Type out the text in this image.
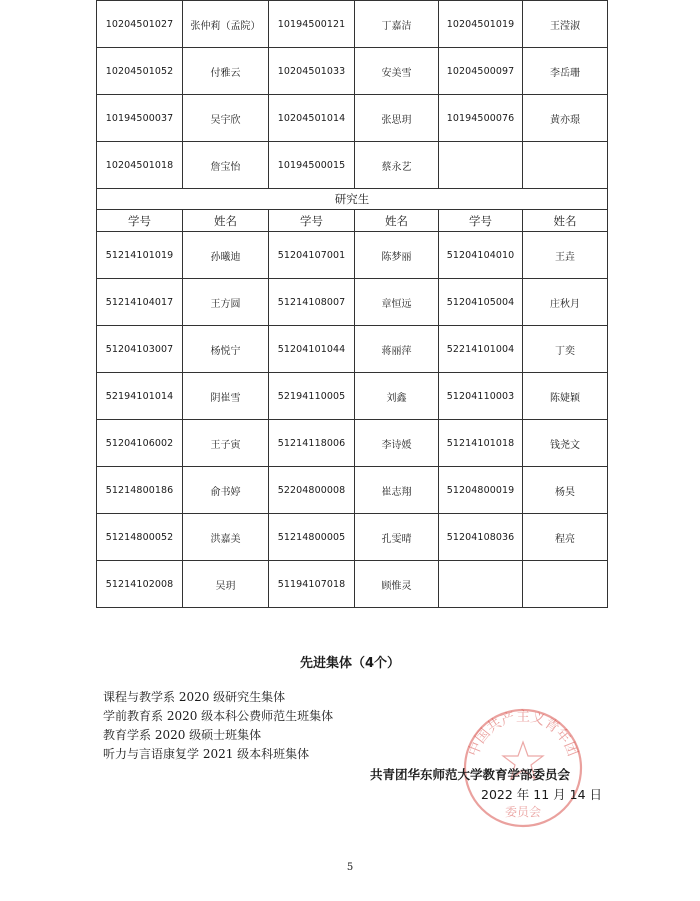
10204501027	张仲莉（孟院）	10194500121	丁嘉洁	10204501019	王滢淑
10204501052	付雅云	10204501033	安美雪	10204500097	李岳珊
10194500037	吴宇欣	10204501014	张思玥	10194500076	黄亦璟
10204501018	詹宝怡	10194500015	蔡永艺		
研究生					
学号	姓名	学号	姓名	学号	姓名
51214101019	孙曦迪	51204107001	陈梦丽	51204104010	王垚
51214104017	王方圆	51214108007	章恒远	51204105004	庄秋月
51204103007	杨悦宁	51204101044	蒋丽萍	52214101004	丁奕
52194101014	阴崔雪	52194110005	刘鑫	51204110003	陈婕颖
51204106002	王子寅	51214118006	李诗媛	51214101018	钱尧文
51214800186	俞书婷	52204800008	崔志翔	51204800019	杨昊
51214800052	洪嘉美	51214800005	孔雯晴	51204108036	程亮
51214102008	吴玥	51194107018	顾惟灵		
先进集体（4个）
课程与教学系 2020 级研究生集体
学前教育系 2020 级本科公费师范生班集体
教育学系 2020 级硕士班集体
听力与言语康复学 2021 级本科班集体	中国共产主义青年团
委员会
共青团华东师范大学教育学部委员会
2022 年 11 月 14 日
5
